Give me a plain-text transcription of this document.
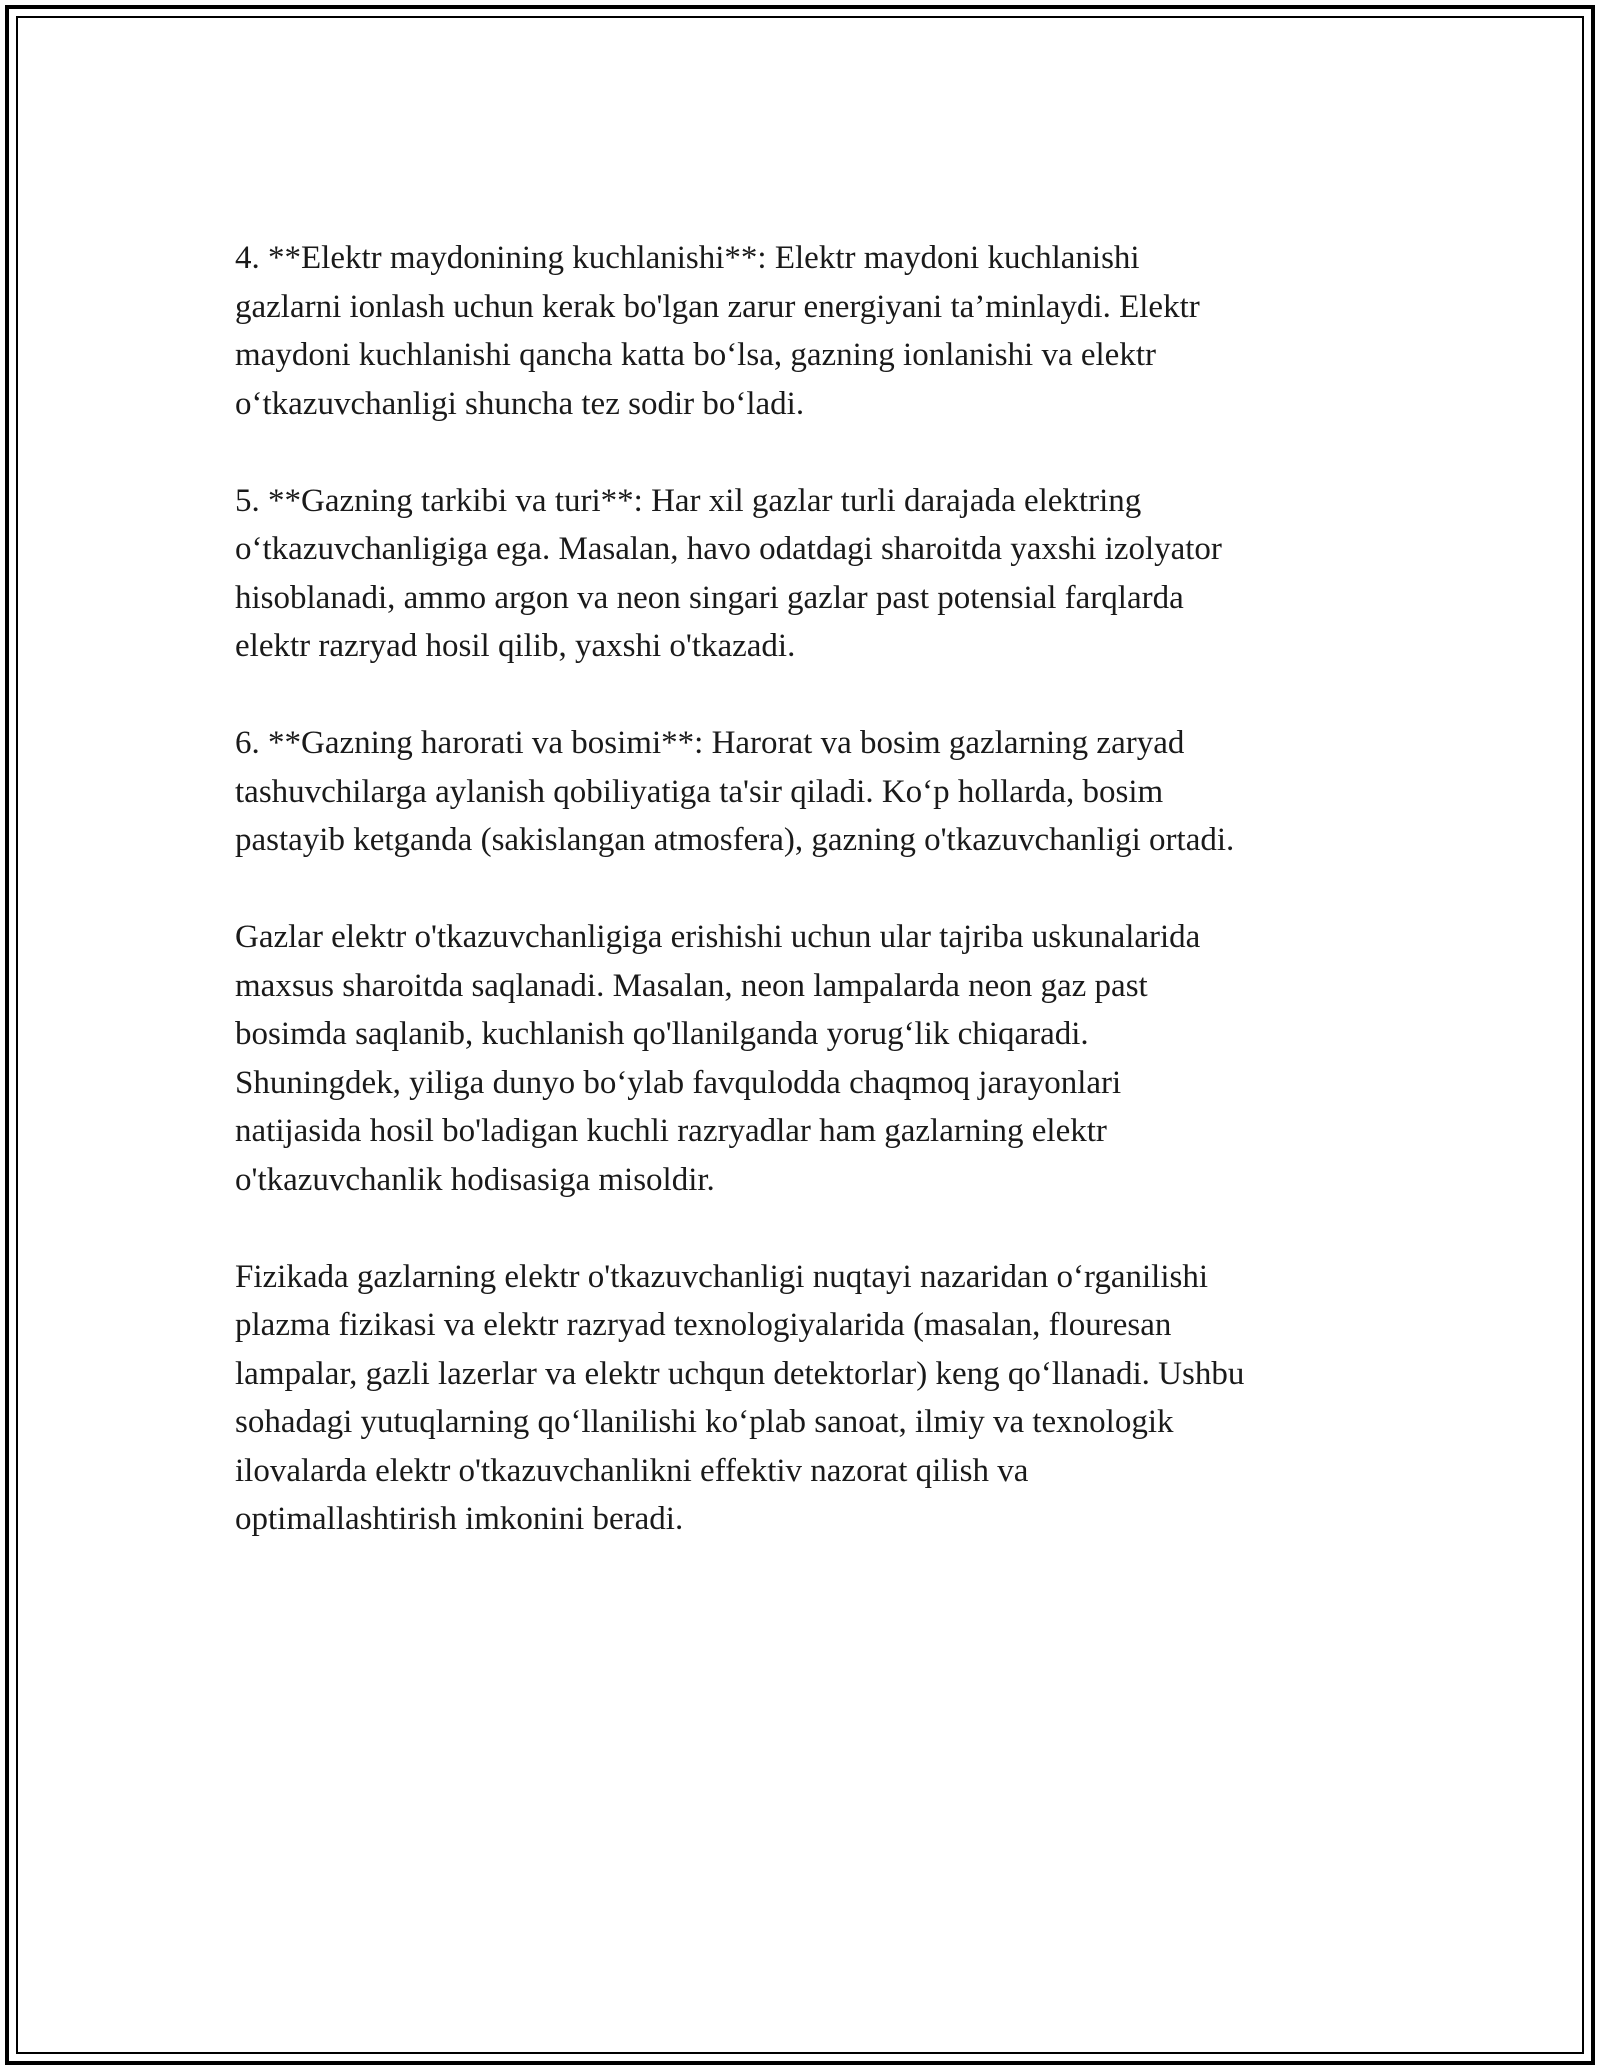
4. **Elektr maydonining kuchlanishi**: Elektr maydoni kuchlanishi
gazlarni ionlash uchun kerak bo'lgan zarur energiyani ta’minlaydi. Elektr
maydoni kuchlanishi qancha katta bo‘lsa, gazning ionlanishi va elektr
o‘tkazuvchanligi shuncha tez sodir bo‘ladi.

5. **Gazning tarkibi va turi**: Har xil gazlar turli darajada elektring
o‘tkazuvchanligiga ega. Masalan, havo odatdagi sharoitda yaxshi izolyator
hisoblanadi, ammo argon va neon singari gazlar past potensial farqlarda
elektr razryad hosil qilib, yaxshi o'tkazadi.

6. **Gazning harorati va bosimi**: Harorat va bosim gazlarning zaryad
tashuvchilarga aylanish qobiliyatiga ta'sir qiladi. Ko‘p hollarda, bosim
pastayib ketganda (sakislangan atmosfera), gazning o'tkazuvchanligi ortadi.

Gazlar elektr o'tkazuvchanligiga erishishi uchun ular tajriba uskunalarida
maxsus sharoitda saqlanadi. Masalan, neon lampalarda neon gaz past
bosimda saqlanib, kuchlanish qo'llanilganda yorug‘lik chiqaradi.
Shuningdek, yiliga dunyo bo‘ylab favqulodda chaqmoq jarayonlari
natijasida hosil bo'ladigan kuchli razryadlar ham gazlarning elektr
o'tkazuvchanlik hodisasiga misoldir.

Fizikada gazlarning elektr o'tkazuvchanligi nuqtayi nazaridan o‘rganilishi
plazma fizikasi va elektr razryad texnologiyalarida (masalan, flouresan
lampalar, gazli lazerlar va elektr uchqun detektorlar) keng qo‘llanadi. Ushbu
sohadagi yutuqlarning qo‘llanilishi ko‘plab sanoat, ilmiy va texnologik
ilovalarda elektr o'tkazuvchanlikni effektiv nazorat qilish va
optimallashtirish imkonini beradi.
